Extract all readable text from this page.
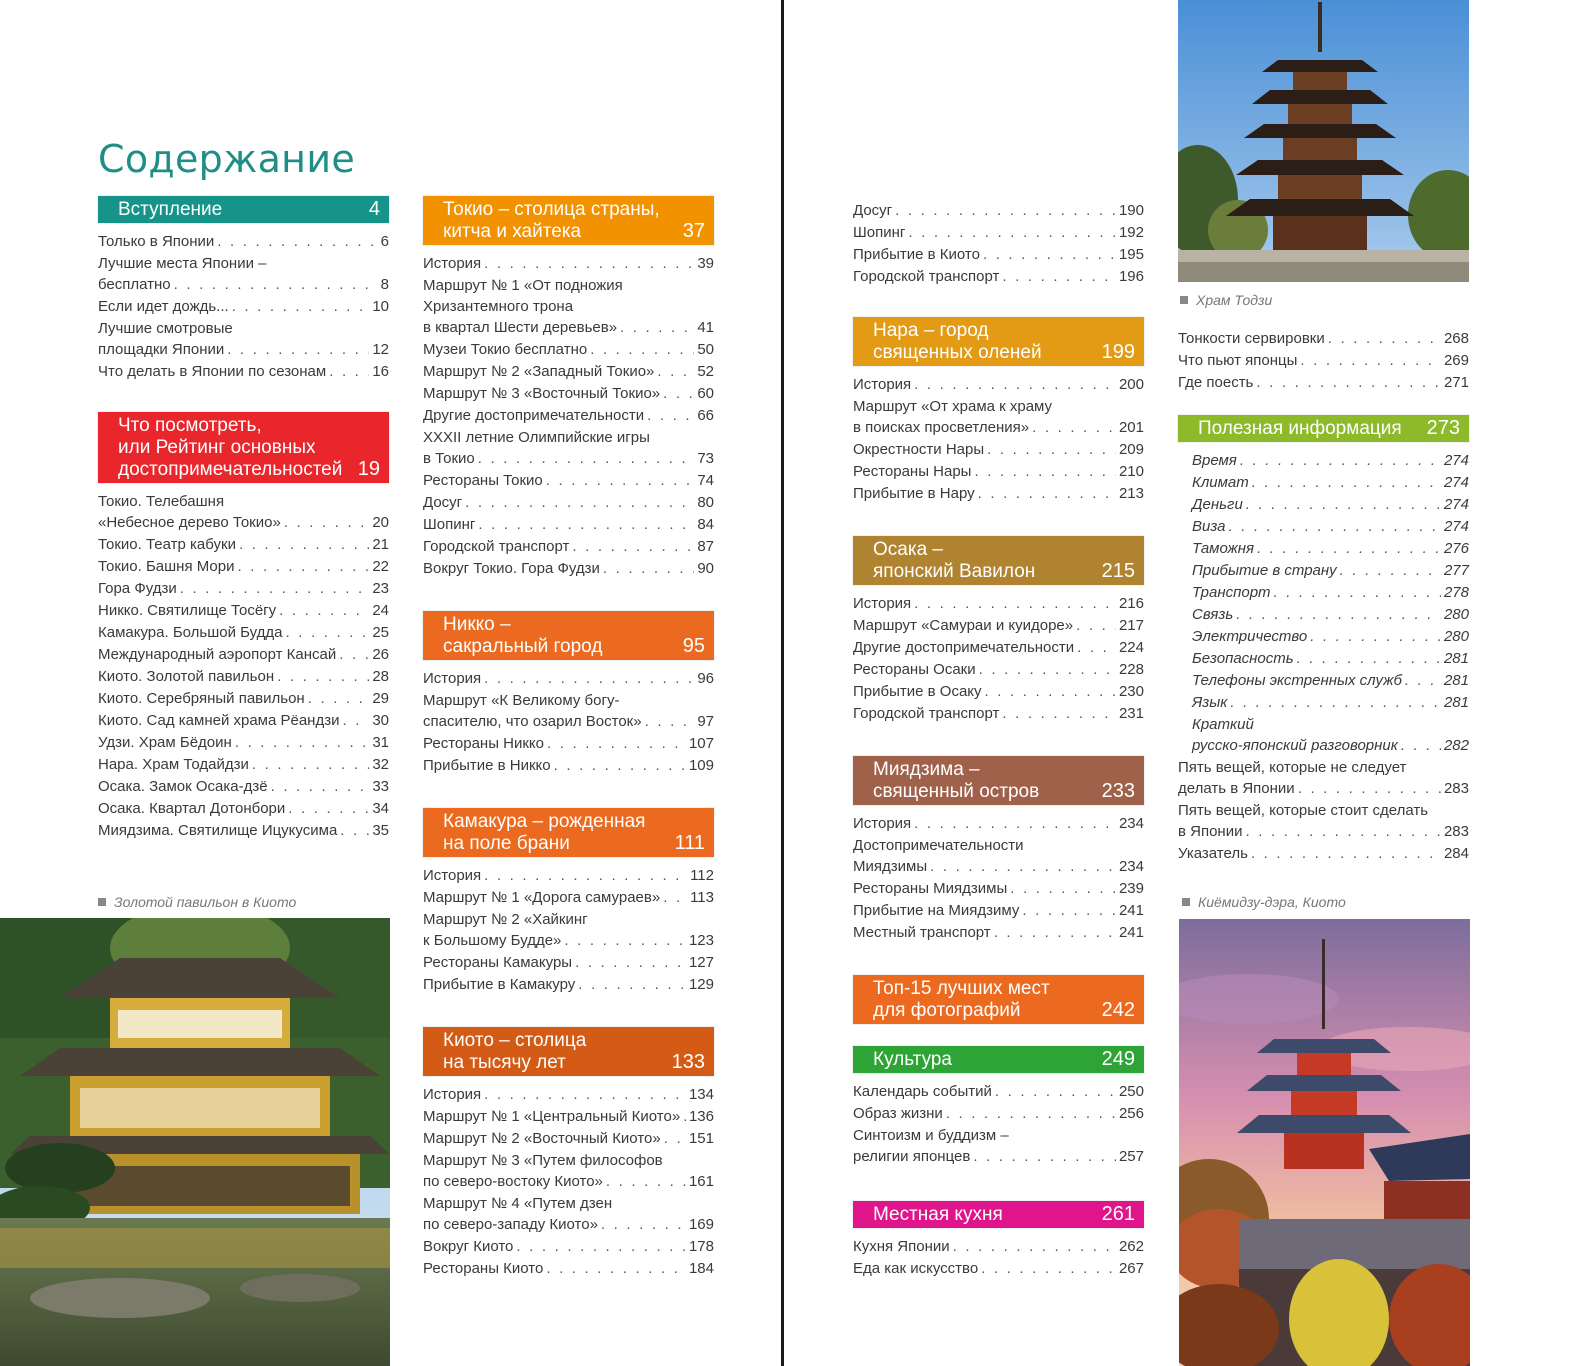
Содержание
Вступление	4
Только в Японии . . .	6
Лучшие места Японии –
бесплатно . . .	8
Если идет дождь... . . .	10
Лучшие смотровые
площадки Японии . . .	12
Что делать в Японии по сезонам . . .	16
Что посмотреть,
или Рейтинг основных
достопримечательностей 19
Токио. Телебашня
«Небесное дерево Токио» . . .	20
Токио. Театр кабуки . . .	21
Токио. Башня Мори . . .	22
Гора Фудзи . . .	23
Никко. Святилище Тосёгу . . .	24
Камакура. Большой Будда . . .	25
Международный аэропорт Кансай . . . 26
Киото. Золотой павильон . . .	28
Киото. Серебряный павильон . . .	29
Киото. Сад камней храма Рёандзи . . . 30
Удзи. Храм Бёдоин . . .	31
Нара. Храм Тодайдзи . . .	32
Осака. Замок Осака-дзё . . .	33
Осака. Квартал Дотонбори . . .	34
Миядзима. Святилище Ицукусима . . . 35
Токио – столица страны,
китча и хайтека	37
История . . .	39
Маршрут № 1 «От подножия
Хризантемного трона
в квартал Шести деревьев» . . .	41
Музеи Токио бесплатно . . .	50
Маршрут № 2 «Западный Токио» . . .	52
Маршрут № 3 «Восточный Токио» . . . 60
Другие достопримечательности . . .	66
XXXII летние Олимпийские игры
в Токио . . .	73
Рестораны Токио . . .	74
Досуг . . .	80
Шопинг . . .	84
Городской транспорт . . .	87
Вокруг Токио. Гора Фудзи . . .	90
Никко –
сакральный город	95
История . . .	96
Маршрут «К Великому богу-
спасителю, что озарил Восток» . . .	97
Рестораны Никко . . .	107
Прибытие в Никко . . .	109
Камакура – рожденная
на поле брани	111
История . . .	112
Маршрут № 1 «Дорога самураев» . . . 113
Маршрут № 2 «Хайкинг
к Большому Будде» . . .	123
Рестораны Камакуры . . .	127
Прибытие в Камакуру . . .	129
Киото – столица
на тысячу лет	133
История . . .	134
Маршрут № 1 «Центральный Киото» . . . 136
Маршрут № 2 «Восточный Киото» . . . 151
Маршрут № 3 «Путем философов
по северо-востоку Киото» . . .	161
Маршрут № 4 «Путем дзен
по северо-западу Киото» . . .	169
Вокруг Киото . . .	178
Рестораны Киото . . .	184
Досуг . . .	190
Шопинг . . .	192
Прибытие в Киото . . .	195
Городской транспорт . . .	196
Нара – город
священных оленей	199
История . . .	200
Маршрут «От храма к храму
в поисках просветления» . . .	201
Окрестности Нары . . .	209
Рестораны Нары . . .	210
Прибытие в Нару . . .	213
Осака –
японский Вавилон	215
История . . .	216
Маршрут «Самураи и куидоре» . . .	217
Другие достопримечательности . . .	224
Рестораны Осаки . . .	228
Прибытие в Осаку . . .	230
Городской транспорт . . .	231
Миядзима –
священный остров	233
История . . .	234
Достопримечательности
Миядзимы . . .	234
Рестораны Миядзимы . . .	239
Прибытие на Миядзиму . . .	241
Местный транспорт . . .	241
Топ-15 лучших мест
для фотографий	242
Культура	249
Календарь событий . . .	250
Образ жизни . . .	256
Синтоизм и буддизм –
религии японцев . . .	257
Местная кухня	261
Кухня Японии . . .	262
Еда как искусство . . .	267
Тонкости сервировки . . .	268
Что пьют японцы . . .	269
Где поесть . . .	271
Полезная информация	273
Время . . .	274
Климат . . .	274
Деньги . . .	274
Виза . . .	274
Таможня . . .	276
Прибытие в страну . . .	277
Транспорт . . .	278
Связь . . .	280
Электричество . . .	280
Безопасность . . .	281
Телефоны экстренных служб . . .	281
Язык . . .	281
Краткий
русско-японский разговорник . . .	282
Пять вещей, которые не следует
делать в Японии . . .	283
Пять вещей, которые стоит сделать
в Японии . . .	283
Указатель . . .	284
Храм Тодзи
Золотой павильон в Киото	Киёмидзу-дэра, Киото
